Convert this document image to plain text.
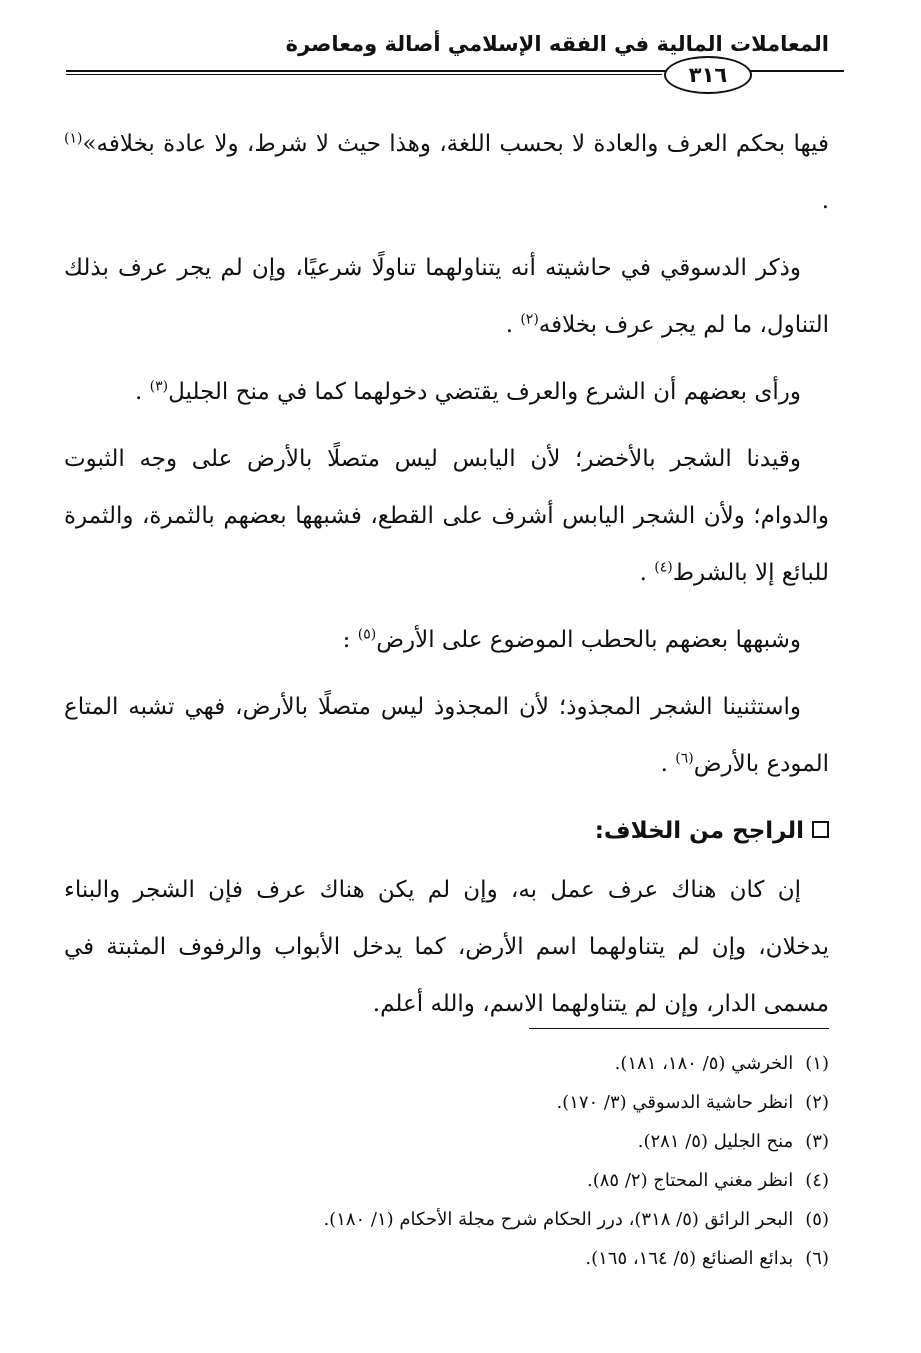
المعاملات المالية في الفقه الإسلامي أصالة ومعاصرة
٣١٦

فيها بحكم العرف والعادة لا بحسب اللغة، وهذا حيث لا شرط، ولا عادة بخلافه»$^{(١)}$ .

وذكر الدسوقي في حاشيته أنه يتناولهما تناولًا شرعيًا، وإن لم يجر عرف بذلك التناول، ما لم يجر عرف بخلافه$^{(٢)}$ .

ورأى بعضهم أن الشرع والعرف يقتضي دخولهما كما في منح الجليل$^{(٣)}$ .

وقيدنا الشجر بالأخضر؛ لأن اليابس ليس متصلًا بالأرض على وجه الثبوت والدوام؛ ولأن الشجر اليابس أشرف على القطع، فشبهها بعضهم بالثمرة، والثمرة للبائع إلا بالشرط$^{(٤)}$ .

وشبهها بعضهم بالحطب الموضوع على الأرض$^{(٥)}$ :

واستثنينا الشجر المجذوذ؛ لأن المجذوذ ليس متصلًا بالأرض، فهي تشبه المتاع المودع بالأرض$^{(٦)}$ .

الراجح من الخلاف:

إن كان هناك عرف عمل به، وإن لم يكن هناك عرف فإن الشجر والبناء يدخلان، وإن لم يتناولهما اسم الأرض، كما يدخل الأبواب والرفوف المثبتة في مسمى الدار، وإن لم يتناولهما الاسم، والله أعلم.

(١)الخرشي (٥/ ١٨٠، ١٨١).
(٢)انظر حاشية الدسوقي (٣/ ١٧٠).
(٣)منح الجليل (٥/ ٢٨١).
(٤)انظر مغني المحتاج (٢/ ٨٥).
(٥)البحر الرائق (٥/ ٣١٨)، درر الحكام شرح مجلة الأحكام (١/ ١٨٠).
(٦)بدائع الصنائع (٥/ ١٦٤، ١٦٥).
